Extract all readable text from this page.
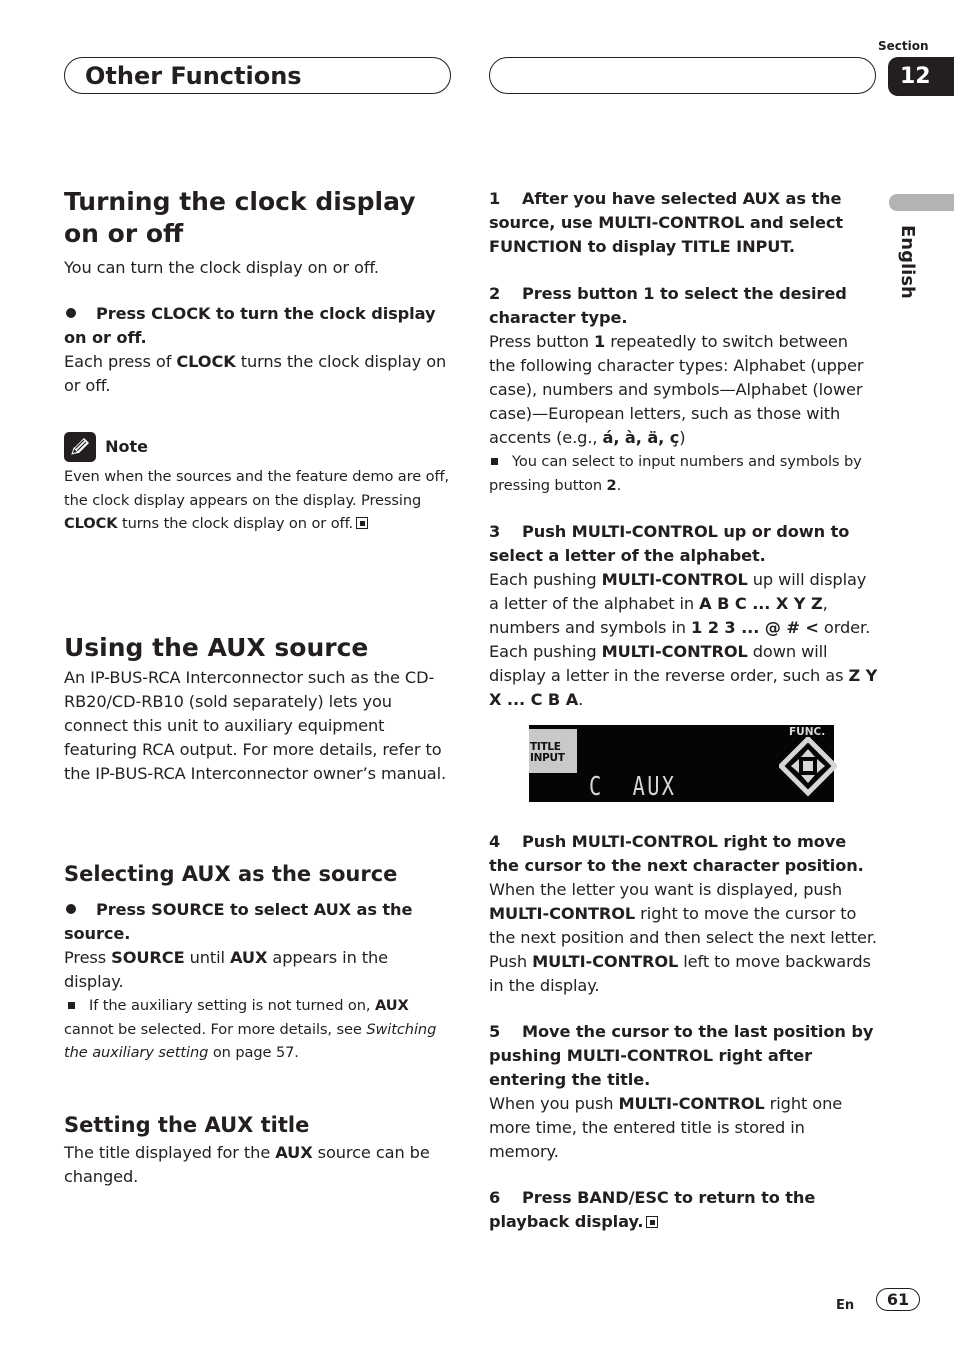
Other Functions
Section
12
English
Turning the clock display on or off

You can turn the clock display on or off.

Press CLOCK to turn the clock display on or off.

Each press of CLOCK turns the clock display on or off.

Note

Even when the sources and the feature demo are off, the clock display appears on the display. Pressing CLOCK turns the clock display on or off.

Using the AUX source

An IP-BUS-RCA Interconnector such as the CD-RB20/CD-RB10 (sold separately) lets you connect this unit to auxiliary equipment featuring RCA output. For more details, refer to the IP-BUS-RCA Interconnector owner’s manual.

Selecting AUX as the source

Press SOURCE to select AUX as the source.

Press SOURCE until AUX appears in the display.

If the auxiliary setting is not turned on, AUX cannot be selected. For more details, see Switching the auxiliary setting on page 57.

Setting the AUX title

The title displayed for the AUX source can be changed.

1 After you have selected AUX as the source, use MULTI-CONTROL and select FUNCTION to display TITLE INPUT.

2 Press button 1 to select the desired character type.

Press button 1 repeatedly to switch between the following character types: Alphabet (upper case), numbers and symbols—Alphabet (lower case)—European letters, such as those with accents (e.g., á, à, ä, ç)

You can select to input numbers and symbols by pressing button 2.

3 Push MULTI-CONTROL up or down to select a letter of the alphabet.

Each pushing MULTI-CONTROL up will display a letter of the alphabet in A B C ... X Y Z, numbers and symbols in 1 2 3 ... @ # < order. Each pushing MULTI-CONTROL down will display a letter in the reverse order, such as Z Y X ... C B A.

TITLE
INPUT
FUNC.
C  AUX

4 Push MULTI-CONTROL right to move the cursor to the next character position.

When the letter you want is displayed, push MULTI-CONTROL right to move the cursor to the next position and then select the next letter. Push MULTI-CONTROL left to move backwards in the display.

5 Move the cursor to the last position by pushing MULTI-CONTROL right after entering the title.

When you push MULTI-CONTROL right one more time, the entered title is stored in memory.

6 Press BAND/ESC to return to the playback display.

En	61
